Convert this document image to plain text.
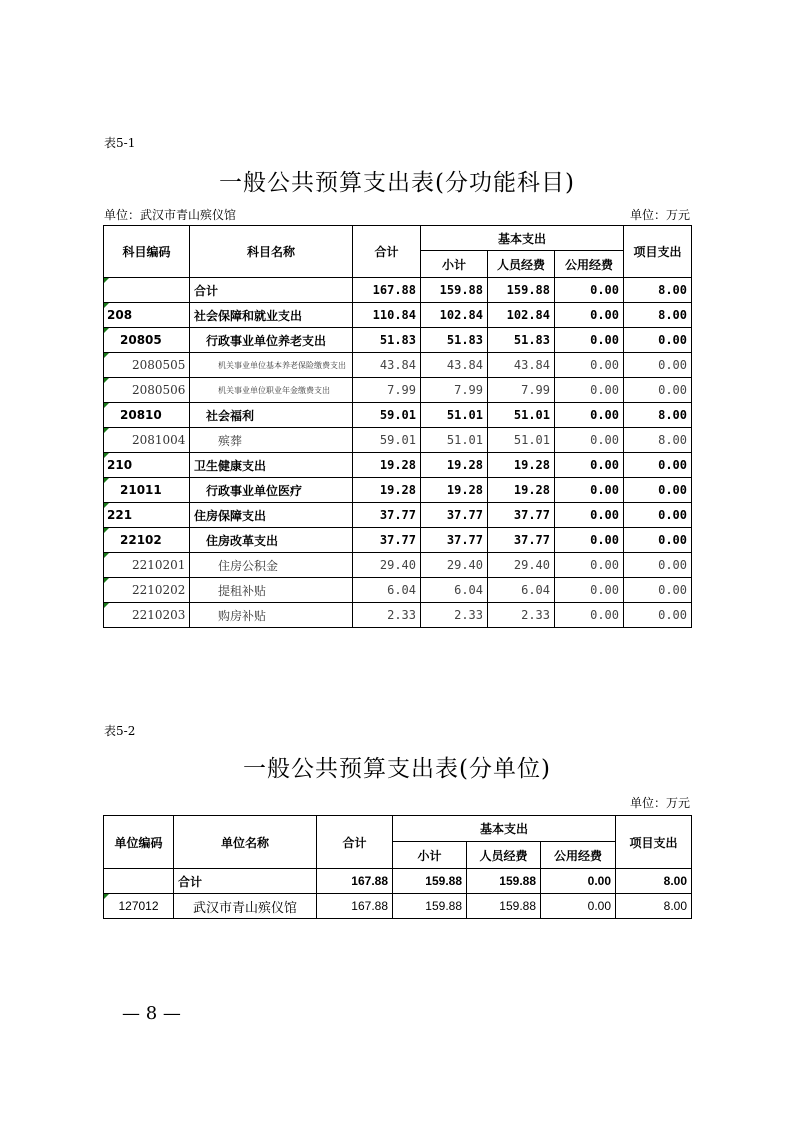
表5-1
一般公共预算支出表(分功能科目)
单位：武汉市青山殡仪馆	单位：万元
科目编码	科目名称	合计	基本支出			项目支出
			小计	人员经费	公用经费	
	合计	167.88	159.88	159.88	0.00	8.00
208	社会保障和就业支出	110.84	102.84	102.84	0.00	8.00
20805	行政事业单位养老支出	51.83	51.83	51.83	0.00	0.00
2080505	机关事业单位基本养老保险缴费支出	43.84	43.84	43.84	0.00	0.00
2080506	机关事业单位职业年金缴费支出	7.99	7.99	7.99	0.00	0.00
20810	社会福利	59.01	51.01	51.01	0.00	8.00
2081004	殡葬	59.01	51.01	51.01	0.00	8.00
210	卫生健康支出	19.28	19.28	19.28	0.00	0.00
21011	行政事业单位医疗	19.28	19.28	19.28	0.00	0.00
221	住房保障支出	37.77	37.77	37.77	0.00	0.00
22102	住房改革支出	37.77	37.77	37.77	0.00	0.00
2210201	住房公积金	29.40	29.40	29.40	0.00	0.00
2210202	提租补贴	6.04	6.04	6.04	0.00	0.00
2210203	购房补贴	2.33	2.33	2.33	0.00	0.00
表5-2
一般公共预算支出表(分单位)
单位：万元
单位编码	单位名称	合计	基本支出			项目支出
			小计	人员经费	公用经费	
	合计	167.88	159.88	159.88	0.00	8.00
127012	武汉市青山殡仪馆	167.88	159.88	159.88	0.00	8.00
— 8 —
